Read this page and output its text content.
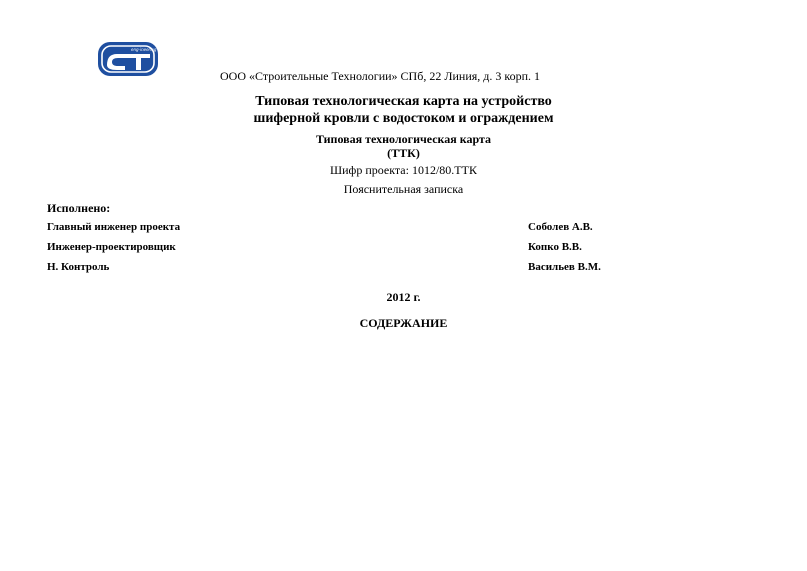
eng-ineering
ООО «Строительные Технологии» СПб, 22 Линия, д. 3 корп. 1
Типовая технологическая карта на устройство
шиферной кровли с водостоком и ограждением
Типовая технологическая карта
(ТТК)
Шифр проекта: 1012/80.ТТК
Пояснительная записка
Исполнено:
Главный инженер проекта	Соболев А.В.
Инженер-проектировщик	Копко В.В.
Н. Контроль	Васильев В.М.
2012 г.
СОДЕРЖАНИЕ
